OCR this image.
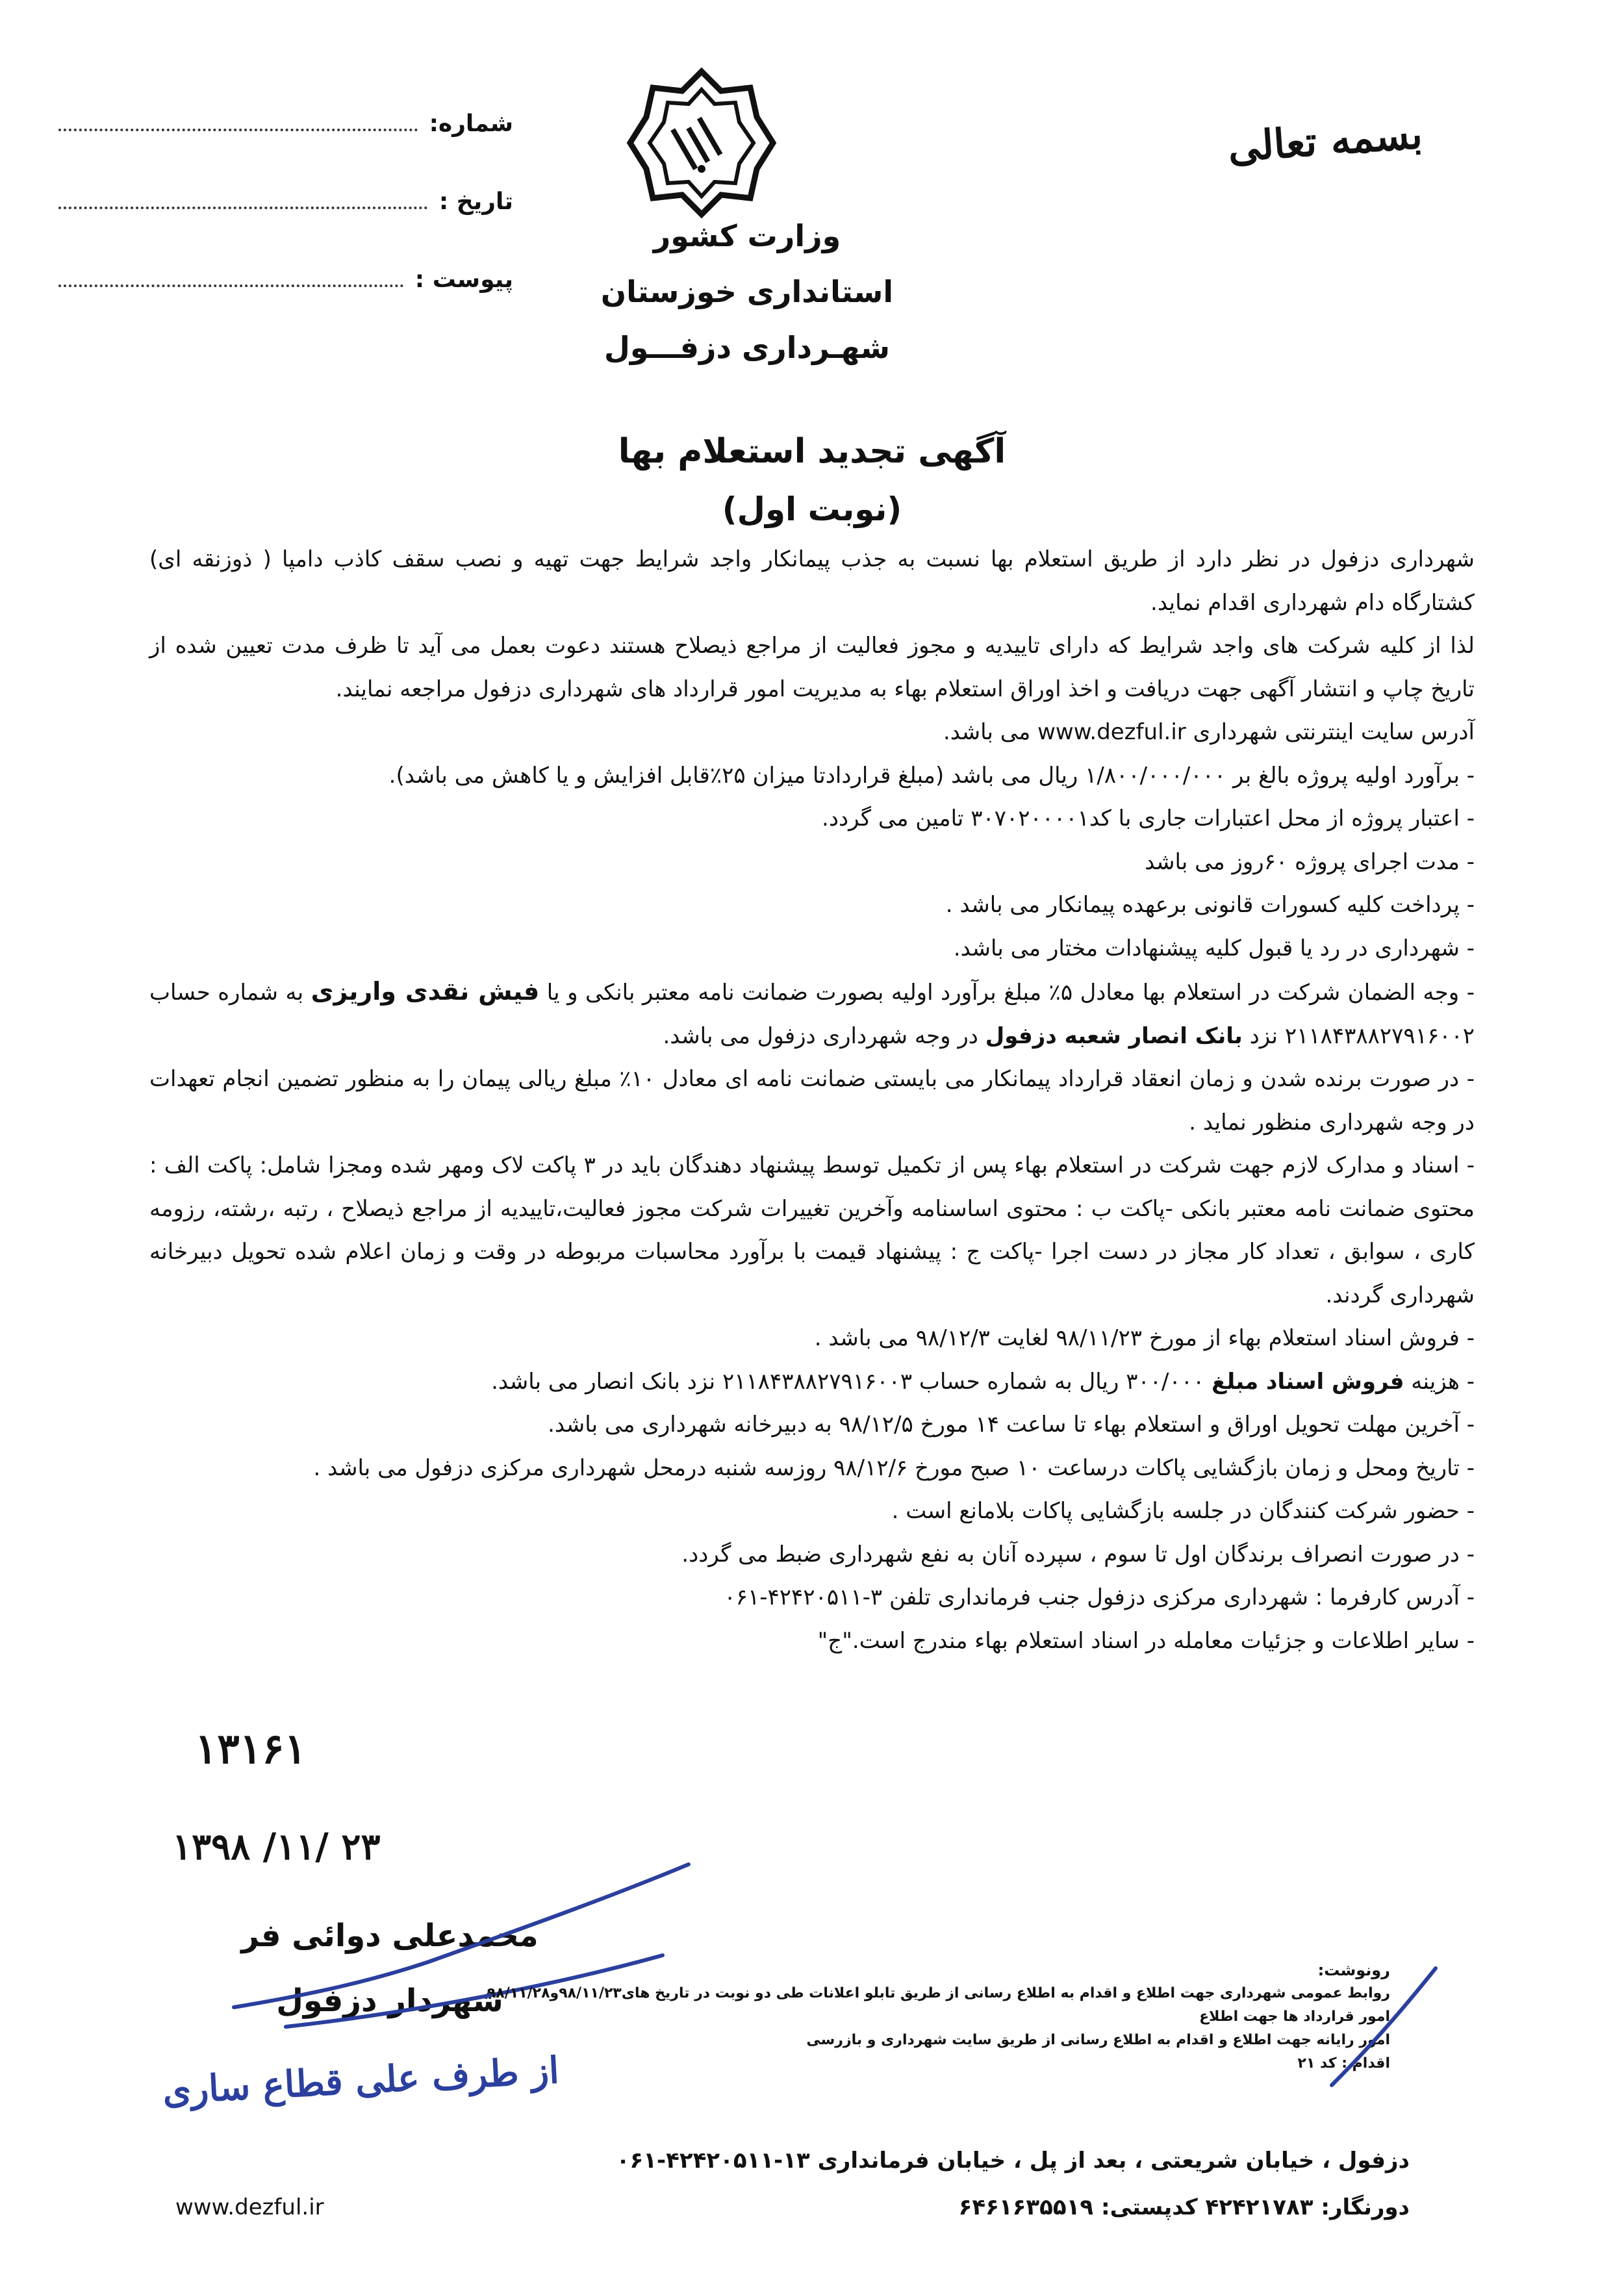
شماره:
تاریخ :
پیوست :
وزارت کشور
استانداری خوزستان
شهـرداری دزفـــول
بسمه تعالی
آگهی تجدید استعلام بها
(نوبت اول)

شهرداری دزفول در نظر دارد از طریق استعلام بها نسبت به جذب پیمانکار واجد شرایط جهت تهیه و نصب سقف کاذب دامپا ( ذوزنقه ای) کشتارگاه دام شهرداری اقدام نماید.

لذا از کلیه شرکت های واجد شرایط که دارای تاییدیه و مجوز فعالیت از مراجع ذیصلاح هستند دعوت بعمل می آید تا ظرف مدت تعیین شده از تاریخ چاپ و انتشار آگهی جهت دریافت و اخذ اوراق استعلام بهاء به مدیریت امور قرارداد های شهرداری دزفول مراجعه نمایند.

آدرس سایت اینترنتی شهرداری www.dezful.ir می باشد.

- برآورد اولیه پروژه بالغ بر ۱/۸۰۰/۰۰۰/۰۰۰ ریال می باشد (مبلغ قراردادتا میزان ۲۵٪قابل افزایش و یا کاهش می باشد).

- اعتبار پروژه از محل اعتبارات جاری با کد۳۰۷۰۲۰۰۰۰۱ تامین می گردد.

- مدت اجرای پروژه ۶۰روز می باشد

- پرداخت کلیه کسورات قانونی برعهده پیمانکار می باشد .

- شهرداری در رد یا قبول کلیه پیشنهادات مختار می باشد.

- وجه الضمان شرکت در استعلام بها معادل ۵٪ مبلغ برآورد اولیه بصورت ضمانت نامه معتبر بانکی و یا فیش نقدی واریزی به شماره حساب ۲۱۱۸۴۳۸۸۲۷۹۱۶۰۰۲ نزد بانک انصار شعبه دزفول در وجه شهرداری دزفول می باشد.

- در صورت برنده شدن و زمان انعقاد قرارداد پیمانکار می بایستی ضمانت نامه ای معادل ۱۰٪ مبلغ ریالی پیمان را به منظور تضمین انجام تعهدات در وجه شهرداری منظور نماید .

- اسناد و مدارک لازم جهت شرکت در استعلام بهاء پس از تکمیل توسط پیشنهاد دهندگان باید در ۳ پاکت لاک ومهر شده ومجزا شامل: پاکت الف : محتوی ضمانت نامه معتبر بانکی -پاکت ب : محتوی اساسنامه وآخرین تغییرات شرکت مجوز فعالیت،تاییدیه از مراجع ذیصلاح ، رتبه ،رشته، رزومه کاری ، سوابق ، تعداد کار مجاز در دست اجرا -پاکت ج : پیشنهاد قیمت با برآورد محاسبات مربوطه در وقت و زمان اعلام شده تحویل دبیرخانه شهرداری گردند.

- فروش اسناد استعلام بهاء از مورخ ۹۸/۱۱/۲۳ لغایت ۹۸/۱۲/۳ می باشد .

- هزینه فروش اسناد مبلغ ۳۰۰/۰۰۰ ریال به شماره حساب ۲۱۱۸۴۳۸۸۲۷۹۱۶۰۰۳ نزد بانک انصار می باشد.

- آخرین مهلت تحویل اوراق و استعلام بهاء تا ساعت ۱۴ مورخ ۹۸/۱۲/۵ به دبیرخانه شهرداری می باشد.

- تاریخ ومحل و زمان بازگشایی پاکات درساعت ۱۰ صبح مورخ ۹۸/۱۲/۶ روزسه شنبه درمحل شهرداری مرکزی دزفول می باشد .

- حضور شرکت کنندگان در جلسه بازگشایی پاکات بلامانع است .

- در صورت انصراف برندگان اول تا سوم ، سپرده آنان به نفع شهرداری ضبط می گردد.

- آدرس کارفرما : شهرداری مرکزی دزفول جنب فرمانداری تلفن ۳-۴۲۴۲۰۵۱۱-۰۶۱

- سایر اطلاعات و جزئیات معامله در اسناد استعلام بهاء مندرج است."ج"

۱۳۱۶۱
۱۳۹۸ /۱۱/ ۲۳
محمدعلی دوائی فر
شهردار دزفول
از طرف علی قطاع ساری
رونوشت:
روابط عمومی شهرداری جهت اطلاع و اقدام به اطلاع رسانی از طریق تابلو اعلانات طی دو نوبت در تاریخ های۹۸/۱۱/۲۳و۹۸/۱۱/۲۸
امور قرارداد ها جهت اطلاع
امور رایانه جهت اطلاع و اقدام به اطلاع رسانی از طریق سایت شهرداری و بازرسی
اقدام : کد ۲۱
دزفول ، خیابان شریعتی ، بعد از پل ، خیابان فرمانداری ۱۳-۴۲۴۲۰۵۱۱-۰۶۱
دورنگار: ۴۲۴۲۱۷۸۳ کدپستی: ۶۴۶۱۶۳۵۵۱۹
www.dezful.ir
